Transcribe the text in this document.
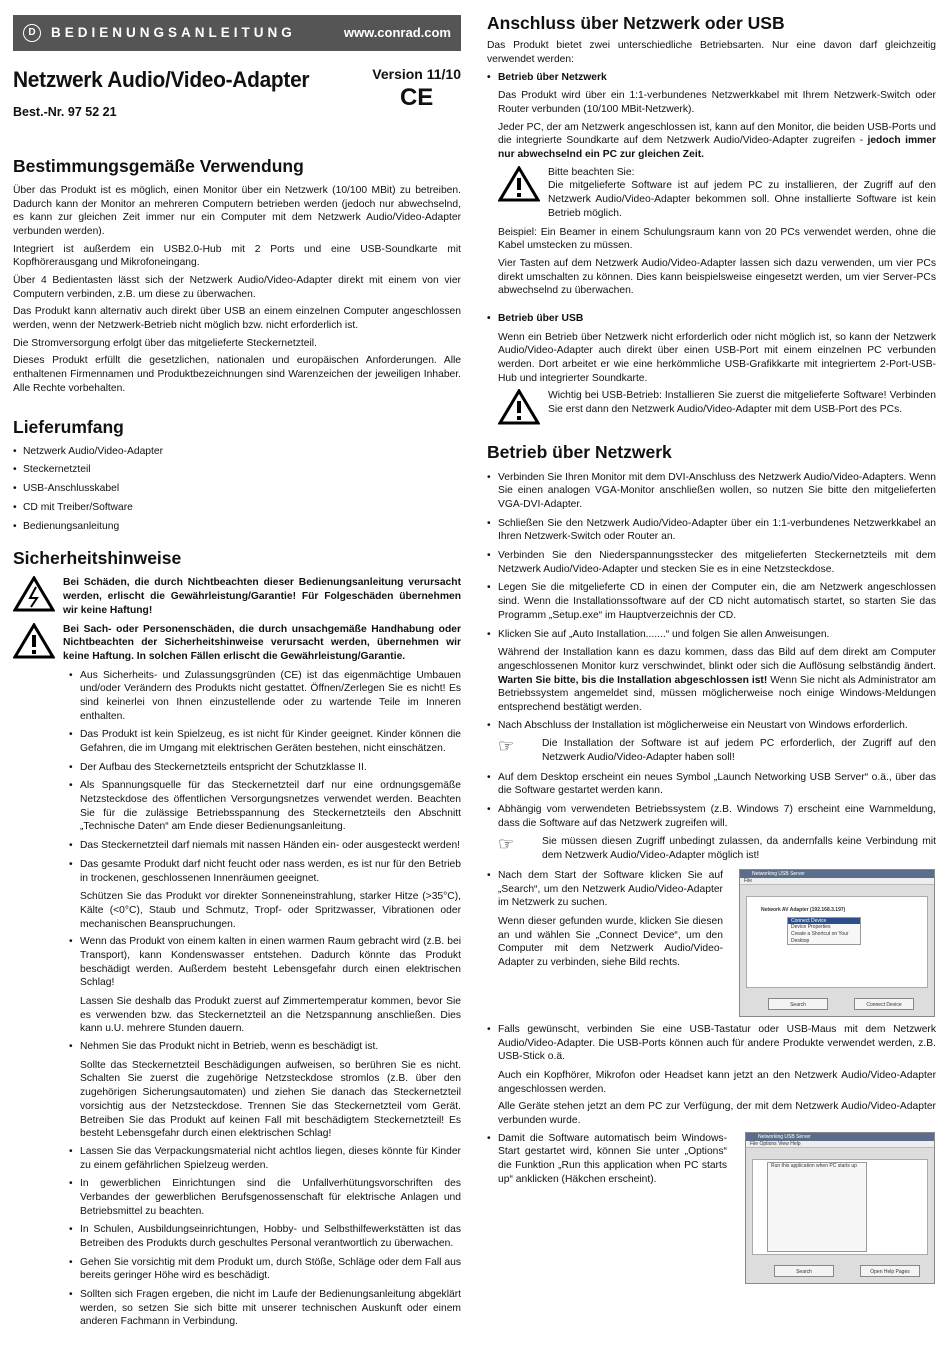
D	BEDIENUNGSANLEITUNG	www.conrad.com
Netzwerk Audio/Video-Adapter	Version 11/10
CE
Best.-Nr. 97 52 21
Bestimmungsgemäße Verwendung

Über das Produkt ist es möglich, einen Monitor über ein Netzwerk (10/100 MBit) zu betreiben. Dadurch kann der Monitor an mehreren Computern betrieben werden (jedoch nur abwechselnd, es kann zur gleichen Zeit immer nur ein Computer mit dem Netzwerk Audio/Video-Adapter verbunden werden).

Integriert ist außerdem ein USB2.0-Hub mit 2 Ports und eine USB-Soundkarte mit Kopfhörerausgang und Mikrofoneingang.

Über 4 Bedientasten lässt sich der Netzwerk Audio/Video-Adapter direkt mit einem von vier Computern verbinden, z.B. um diese zu überwachen.

Das Produkt kann alternativ auch direkt über USB an einem einzelnen Computer angeschlossen werden, wenn der Netzwerk-Betrieb nicht möglich bzw. nicht erforderlich ist.

Die Stromversorgung erfolgt über das mitgelieferte Steckernetzteil.

Dieses Produkt erfüllt die gesetzlichen, nationalen und europäischen Anforderungen. Alle enthaltenen Firmennamen und Produktbezeichnungen sind Warenzeichen der jeweiligen Inhaber. Alle Rechte vorbehalten.

Lieferumfang
• Netzwerk Audio/Video-Adapter
• Steckernetzteil
• USB-Anschlusskabel
• CD mit Treiber/Software
• Bedienungsanleitung
Sicherheitshinweise
Bei Schäden, die durch Nichtbeachten dieser Bedienungsanleitung verursacht werden, erlischt die Gewährleistung/Garantie! Für Folgeschäden übernehmen wir keine Haftung!
Bei Sach- oder Personenschäden, die durch unsachgemäße Handhabung oder Nichtbeachten der Sicherheitshinweise verursacht werden, übernehmen wir keine Haftung. In solchen Fällen erlischt die Gewährleistung/Garantie.
• Aus Sicherheits- und Zulassungsgründen (CE) ist das eigenmächtige Umbauen und/oder Verändern des Produkts nicht gestattet. Öffnen/Zerlegen Sie es nicht! Es sind keinerlei von Ihnen einzustellende oder zu wartende Teile im Inneren enthalten.
• Das Produkt ist kein Spielzeug, es ist nicht für Kinder geeignet. Kinder können die Gefahren, die im Umgang mit elektrischen Geräten bestehen, nicht einschätzen.
• Der Aufbau des Steckernetzteils entspricht der Schutzklasse II.
• Als Spannungsquelle für das Steckernetzteil darf nur eine ordnungsgemäße Netzsteckdose des öffentlichen Versorgungsnetzes verwendet werden. Beachten Sie für die zulässige Betriebsspannung des Steckernetzteils den Abschnitt „Technische Daten“ am Ende dieser Bedienungsanleitung.
• Das Steckernetzteil darf niemals mit nassen Händen ein- oder ausgesteckt werden!
• Das gesamte Produkt darf nicht feucht oder nass werden, es ist nur für den Betrieb in trockenen, geschlossenen Innenräumen geeignet.
Schützen Sie das Produkt vor direkter Sonneneinstrahlung, starker Hitze (>35°C), Kälte (<0°C), Staub und Schmutz, Tropf- oder Spritzwasser, Vibrationen oder mechanischen Beanspruchungen.
• Wenn das Produkt von einem kalten in einen warmen Raum gebracht wird (z.B. bei Transport), kann Kondenswasser entstehen. Dadurch könnte das Produkt beschädigt werden. Außerdem besteht Lebensgefahr durch einen elektrischen Schlag!
Lassen Sie deshalb das Produkt zuerst auf Zimmertemperatur kommen, bevor Sie es verwenden bzw. das Steckernetzteil an die Netzspannung anschließen. Dies kann u.U. mehrere Stunden dauern.
• Nehmen Sie das Produkt nicht in Betrieb, wenn es beschädigt ist.
Sollte das Steckernetzteil Beschädigungen aufweisen, so berühren Sie es nicht. Schalten Sie zuerst die zugehörige Netzsteckdose stromlos (z.B. über den zugehörigen Sicherungsautomaten) und ziehen Sie danach das Steckernetzteil vorsichtig aus der Netzsteckdose. Trennen Sie das Steckernetzteil vom Gerät. Betreiben Sie das Produkt auf keinen Fall mit beschädigtem Steckernetzteil! Es besteht Lebensgefahr durch einen elektrischen Schlag!
• Lassen Sie das Verpackungsmaterial nicht achtlos liegen, dieses könnte für Kinder zu einem gefährlichen Spielzeug werden.
• In gewerblichen Einrichtungen sind die Unfallverhütungsvorschriften des Verbandes der gewerblichen Berufsgenossenschaft für elektrische Anlagen und Betriebsmittel zu beachten.
• In Schulen, Ausbildungseinrichtungen, Hobby- und Selbsthilfewerkstätten ist das Betreiben des Produkts durch geschultes Personal verantwortlich zu überwachen.
• Gehen Sie vorsichtig mit dem Produkt um, durch Stöße, Schläge oder dem Fall aus bereits geringer Höhe wird es beschädigt.
• Sollten sich Fragen ergeben, die nicht im Laufe der Bedienungsanleitung abgeklärt werden, so setzen Sie sich bitte mit unserer technischen Auskunft oder einem anderen Fachmann in Verbindung.
Anschluss über Netzwerk oder USB

Das Produkt bietet zwei unterschiedliche Betriebsarten. Nur eine davon darf gleichzeitig verwendet werden:

• Betrieb über Netzwerk
Das Produkt wird über ein 1:1-verbundenes Netzwerkkabel mit Ihrem Netzwerk-Switch oder Router verbunden (10/100 MBit-Netzwerk).
Jeder PC, der am Netzwerk angeschlossen ist, kann auf den Monitor, die beiden USB-Ports und die integrierte Soundkarte auf dem Netzwerk Audio/Video-Adapter zugreifen - jedoch immer nur abwechselnd ein PC zur gleichen Zeit.
Bitte beachten Sie:
Die mitgelieferte Software ist auf jedem PC zu installieren, der Zugriff auf den Netzwerk Audio/Video-Adapter bekommen soll. Ohne installierte Software ist kein Betrieb möglich.
Beispiel: Ein Beamer in einem Schulungsraum kann von 20 PCs verwendet werden, ohne die Kabel umstecken zu müssen.
Vier Tasten auf dem Netzwerk Audio/Video-Adapter lassen sich dazu verwenden, um vier PCs direkt umschalten zu können. Dies kann beispielsweise eingesetzt werden, um vier Server-PCs abwechselnd zu überwachen.
• Betrieb über USB
Wenn ein Betrieb über Netzwerk nicht erforderlich oder nicht möglich ist, so kann der Netzwerk Audio/Video-Adapter auch direkt über einen USB-Port mit einem einzelnen PC verbunden werden. Dort arbeitet er wie eine herkömmliche USB-Grafikkarte mit integriertem 2-Port-USB-Hub und integrierter Soundkarte.
Wichtig bei USB-Betrieb: Installieren Sie zuerst die mitgelieferte Software! Verbinden Sie erst dann den Netzwerk Audio/Video-Adapter mit dem USB-Port des PCs.
Betrieb über Netzwerk
• Verbinden Sie Ihren Monitor mit dem DVI-Anschluss des Netzwerk Audio/Video-Adapters. Wenn Sie einen analogen VGA-Monitor anschließen wollen, so nutzen Sie bitte den mitgelieferten VGA-DVI-Adapter.
• Schließen Sie den Netzwerk Audio/Video-Adapter über ein 1:1-verbundenes Netzwerkkabel an Ihren Netzwerk-Switch oder Router an.
• Verbinden Sie den Niederspannungsstecker des mitgelieferten Steckernetzteils mit dem Netzwerk Audio/Video-Adapter und stecken Sie es in eine Netzsteckdose.
• Legen Sie die mitgelieferte CD in einen der Computer ein, die am Netzwerk angeschlossen sind. Wenn die Installationssoftware auf der CD nicht automatisch startet, so starten Sie das Programm „Setup.exe“ im Hauptverzeichnis der CD.
• Klicken Sie auf „Auto Installation.......“ und folgen Sie allen Anweisungen.
Während der Installation kann es dazu kommen, dass das Bild auf dem direkt am Computer angeschlossenen Monitor kurz verschwindet, blinkt oder sich die Auflösung selbständig ändert. Warten Sie bitte, bis die Installation abgeschlossen ist! Wenn Sie nicht als Administrator am Betriebssystem angemeldet sind, müssen möglicherweise noch einige Windows-Meldungen entsprechend bestätigt werden.
• Nach Abschluss der Installation ist möglicherweise ein Neustart von Windows erforderlich.
☞	Die Installation der Software ist auf jedem PC erforderlich, der Zugriff auf den Netzwerk Audio/Video-Adapter haben soll!
• Auf dem Desktop erscheint ein neues Symbol „Launch Networking USB Server“ o.ä., über das die Software gestartet werden kann.
• Abhängig vom verwendeten Betriebssystem (z.B. Windows 7) erscheint eine Warnmeldung, dass die Software auf das Netzwerk zugreifen will.
☞	Sie müssen diesen Zugriff unbedingt zulassen, da andernfalls keine Verbindung mit dem Netzwerk Audio/Video-Adapter möglich ist!
• Nach dem Start der Software klicken Sie auf „Search“, um den Netzwerk Audio/Video-Adapter im Netzwerk zu suchen.
Wenn dieser gefunden wurde, klicken Sie diesen an und wählen Sie „Connect Device“, um den Computer mit dem Netzwerk Audio/Video-Adapter zu verbinden, siehe Bild rechts.
Networking USB Server
File
Network AV Adapter (192.168.3.197)
Connect Device
Device Properties
Create a Shortcut on Your Desktop
Search	Connect Device
• Falls gewünscht, verbinden Sie eine USB-Tastatur oder USB-Maus mit dem Netzwerk Audio/Video-Adapter. Die USB-Ports können auch für andere Produkte verwendet werden, z.B. USB-Stick o.ä.
Auch ein Kopfhörer, Mikrofon oder Headset kann jetzt an den Netzwerk Audio/Video-Adapter angeschlossen werden.
Alle Geräte stehen jetzt an dem PC zur Verfügung, der mit dem Netzwerk Audio/Video-Adapter verbunden wurde.
• Damit die Software automatisch beim Windows-Start gestartet wird, können Sie unter „Options“ die Funktion „Run this application when PC starts up“ anklicken (Häkchen erscheint).
Networking USB Server
File Options View Help
Run this application when PC starts up
Search	Open Help Pages
